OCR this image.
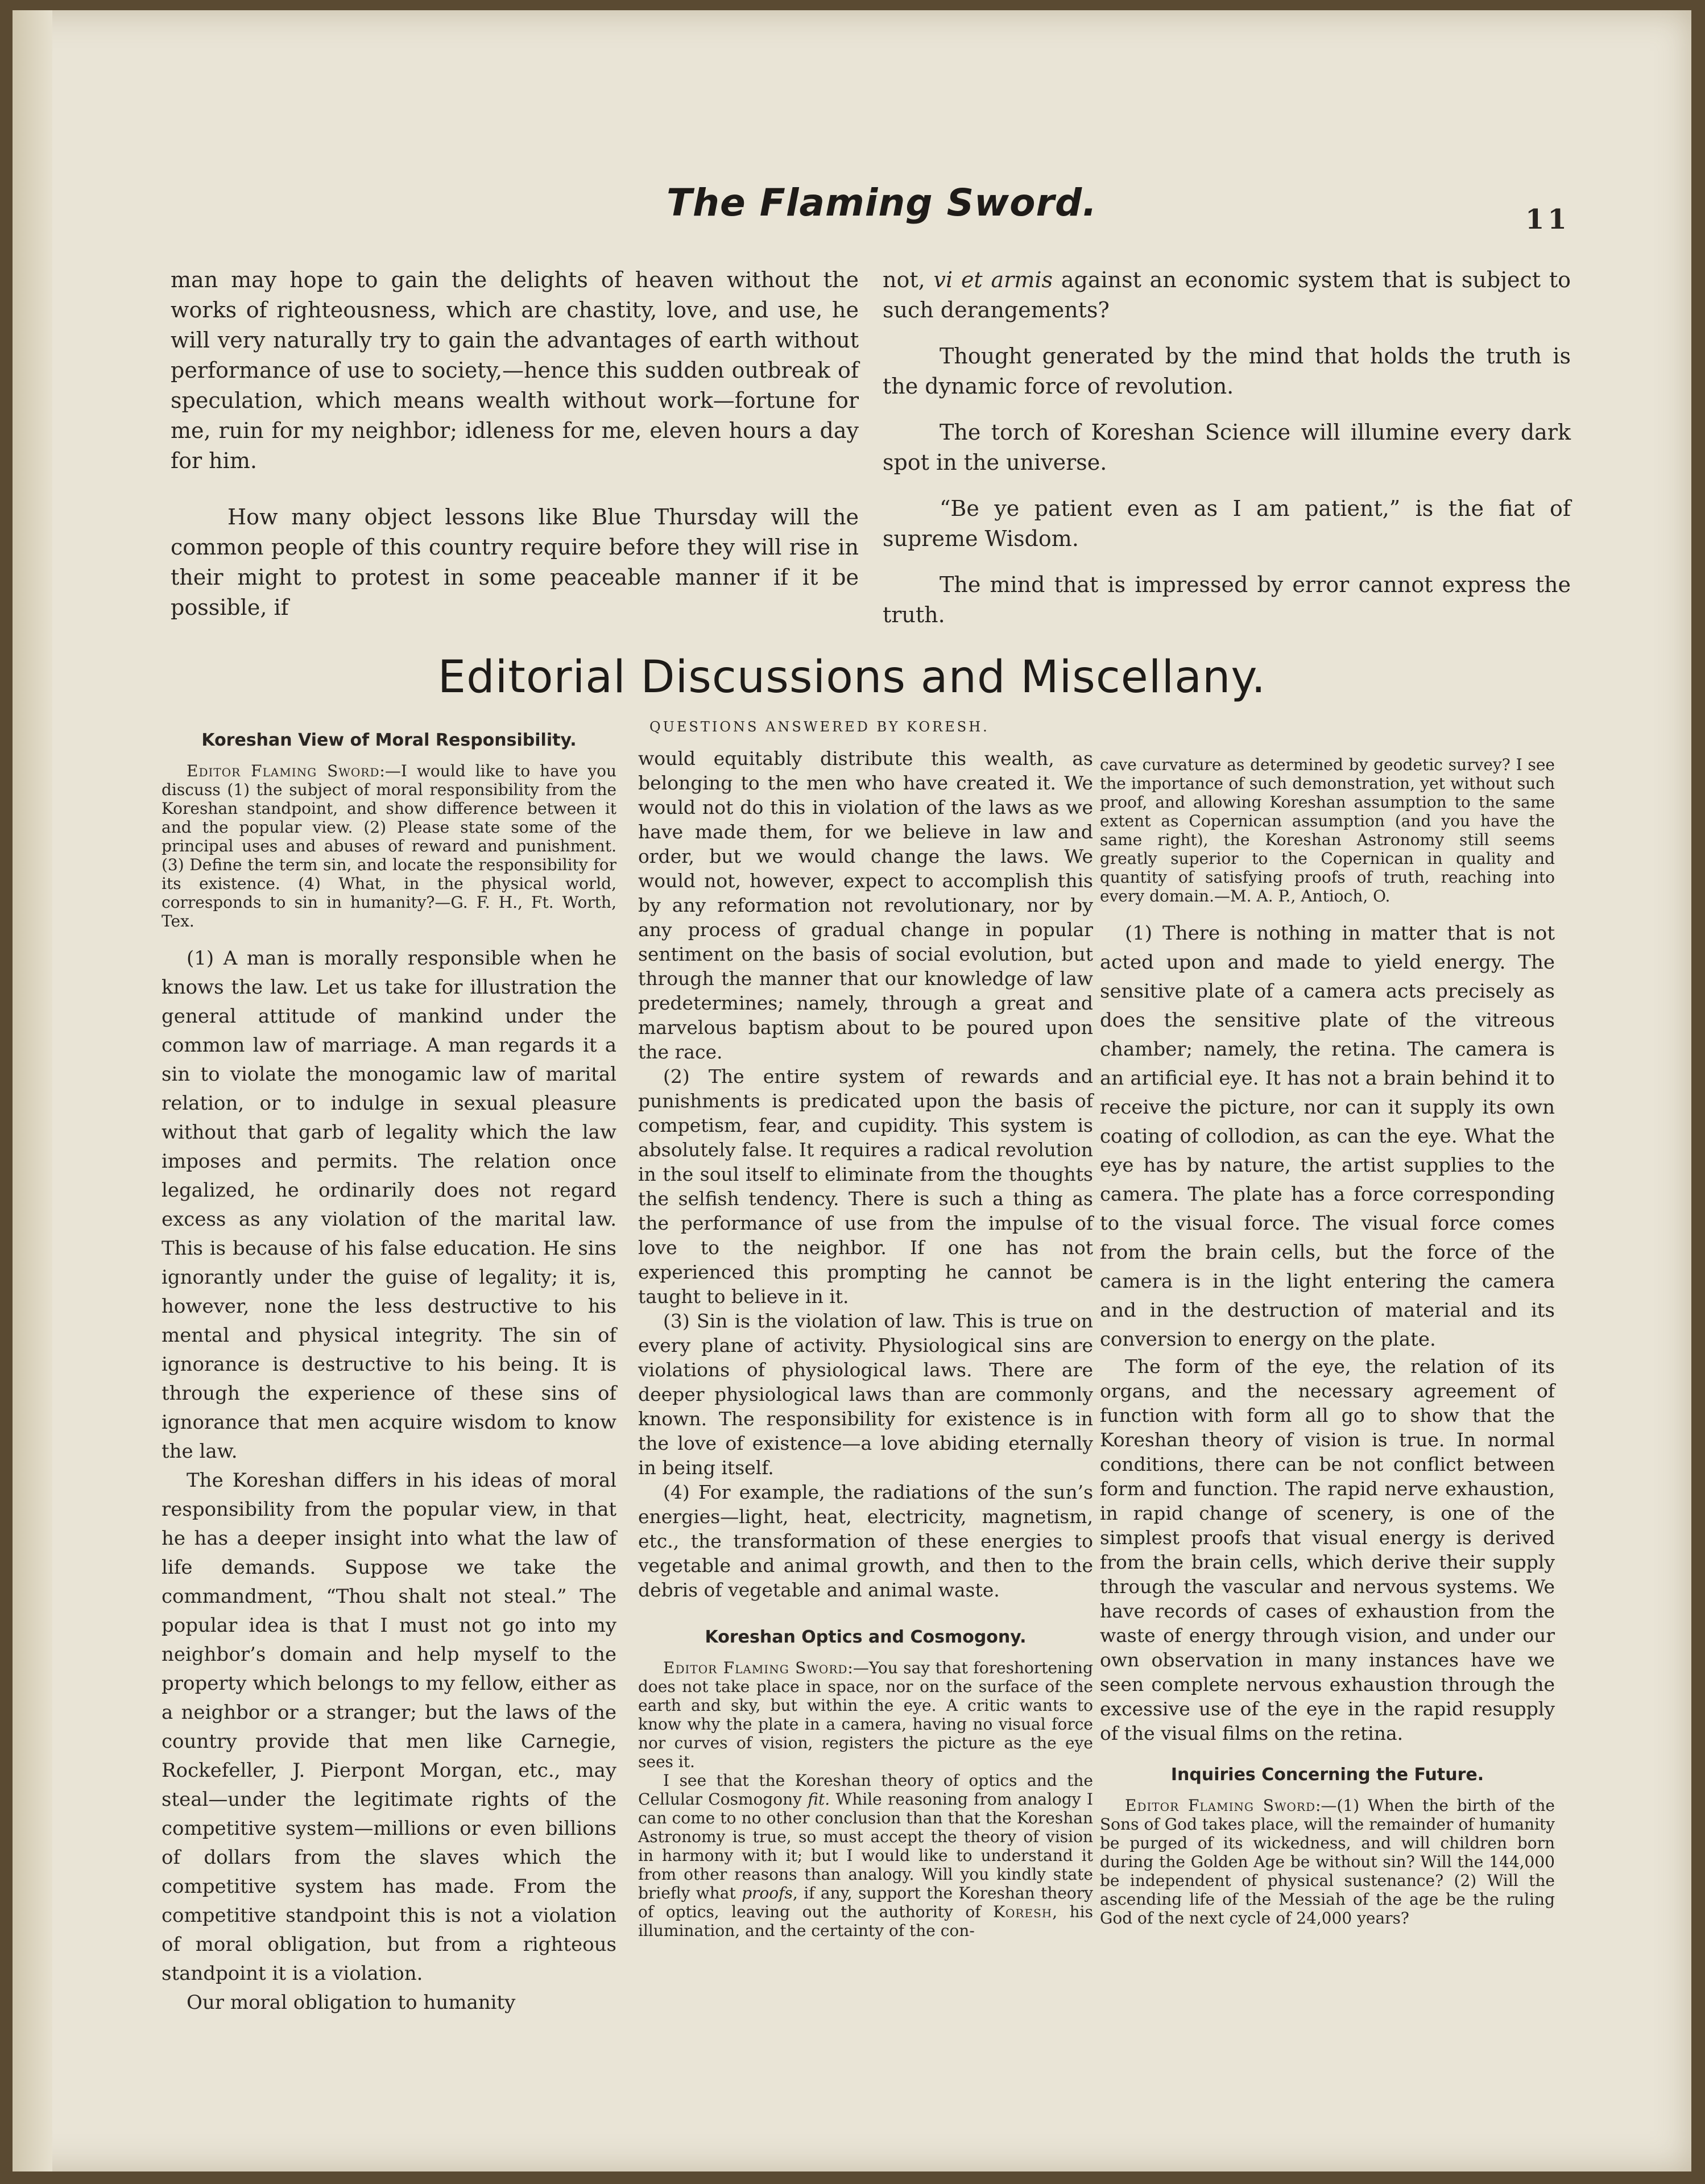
The Flaming Sword.	11

man may hope to gain the delights of heaven without the works of righteousness, which are chastity, love, and use, he will very naturally try to gain the advantages of earth without performance of use to society,—hence this sudden outbreak of speculation, which means wealth without work—fortune for me, ruin for my neighbor; idleness for me, eleven hours a day for him.

How many object lessons like Blue Thursday will the common people of this country require before they will rise in their might to protest in some peaceable manner if it be possible, if

not, vi et armis against an economic system that is subject to such derangements?

Thought generated by the mind that holds the truth is the dynamic force of revolution.

The torch of Koreshan Science will illumine every dark spot in the universe.

“Be ye patient even as I am patient,” is the fiat of supreme Wisdom.

The mind that is impressed by error cannot express the truth.

Editorial Discussions and Miscellany.
QUESTIONS ANSWERED BY KORESH.
Koreshan View of Moral Responsibility.

Editor Flaming Sword:—I would like to have you discuss (1) the subject of moral responsibility from the Koreshan standpoint, and show difference between it and the popular view. (2) Please state some of the principal uses and abuses of reward and punishment. (3) Define the term sin, and locate the responsibility for its existence. (4) What, in the physical world, corresponds to sin in humanity?—G. F. H., Ft. Worth, Tex.

(1) A man is morally responsible when he knows the law. Let us take for illustration the general attitude of mankind under the common law of marriage. A man regards it a sin to violate the monogamic law of marital relation, or to indulge in sexual pleasure without that garb of legality which the law imposes and permits. The relation once legalized, he ordinarily does not regard excess as any violation of the marital law. This is because of his false education. He sins ignorantly under the guise of legality; it is, however, none the less destructive to his mental and physical integrity. The sin of ignorance is destructive to his being. It is through the experience of these sins of ignorance that men acquire wisdom to know the law.

The Koreshan differs in his ideas of moral responsibility from the popular view, in that he has a deeper insight into what the law of life demands. Suppose we take the commandment, “Thou shalt not steal.” The popular idea is that I must not go into my neighbor’s domain and help myself to the property which belongs to my fellow, either as a neighbor or a stranger; but the laws of the country provide that men like Carnegie, Rockefeller, J. Pierpont Morgan, etc., may steal—under the legitimate rights of the competitive system—millions or even billions of dollars from the slaves which the competitive system has made. From the competitive standpoint this is not a violation of moral obligation, but from a righteous standpoint it is a violation.

Our moral obligation to humanity

would equitably distribute this wealth, as belonging to the men who have created it. We would not do this in violation of the laws as we have made them, for we believe in law and order, but we would change the laws. We would not, however, expect to accomplish this by any reformation not revolutionary, nor by any process of gradual change in popular sentiment on the basis of social evolution, but through the manner that our knowledge of law predetermines; namely, through a great and marvelous baptism about to be poured upon the race.

(2) The entire system of rewards and punishments is predicated upon the basis of competism, fear, and cupidity. This system is absolutely false. It requires a radical revolution in the soul itself to eliminate from the thoughts the selfish tendency. There is such a thing as the performance of use from the impulse of love to the neighbor. If one has not experienced this prompting he cannot be taught to believe in it.

(3) Sin is the violation of law. This is true on every plane of activity. Physiological sins are violations of physiological laws. There are deeper physiological laws than are commonly known. The responsibility for existence is in the love of existence—a love abiding eternally in being itself.

(4) For example, the radiations of the sun’s energies—light, heat, electricity, magnetism, etc., the transformation of these energies to vegetable and animal growth, and then to the debris of vegetable and animal waste.

Koreshan Optics and Cosmogony.

Editor Flaming Sword:—You say that foreshortening does not take place in space, nor on the surface of the earth and sky, but within the eye. A critic wants to know why the plate in a camera, having no visual force nor curves of vision, registers the picture as the eye sees it.

I see that the Koreshan theory of optics and the Cellular Cosmogony fit. While reasoning from analogy I can come to no other conclusion than that the Koreshan Astronomy is true, so must accept the theory of vision in harmony with it; but I would like to understand it from other reasons than analogy. Will you kindly state briefly what proofs, if any, support the Koreshan theory of optics, leaving out the authority of Koresh, his illumination, and the certainty of the con-

cave curvature as determined by geodetic survey? I see the importance of such demonstration, yet without such proof, and allowing Koreshan assumption to the same extent as Copernican assumption (and you have the same right), the Koreshan Astronomy still seems greatly superior to the Copernican in quality and quantity of satisfying proofs of truth, reaching into every domain.—M. A. P., Antioch, O.

(1) There is nothing in matter that is not acted upon and made to yield energy. The sensitive plate of a camera acts precisely as does the sensitive plate of the vitreous chamber; namely, the retina. The camera is an artificial eye. It has not a brain behind it to receive the picture, nor can it supply its own coating of collodion, as can the eye. What the eye has by nature, the artist supplies to the camera. The plate has a force corresponding to the visual force. The visual force comes from the brain cells, but the force of the camera is in the light entering the camera and in the destruction of material and its conversion to energy on the plate.

The form of the eye, the relation of its organs, and the necessary agreement of function with form all go to show that the Koreshan theory of vision is true. In normal conditions, there can be not conflict between form and function. The rapid nerve exhaustion, in rapid change of scenery, is one of the simplest proofs that visual energy is derived from the brain cells, which derive their supply through the vascular and nervous systems. We have records of cases of exhaustion from the waste of energy through vision, and under our own observation in many instances have we seen complete nervous exhaustion through the excessive use of the eye in the rapid resupply of the visual films on the retina.

Inquiries Concerning the Future.

Editor Flaming Sword:—(1) When the birth of the Sons of God takes place, will the remainder of humanity be purged of its wickedness, and will children born during the Golden Age be without sin? Will the 144,000 be independent of physical sustenance? (2) Will the ascending life of the Messiah of the age be the ruling God of the next cycle of 24,000 years?
